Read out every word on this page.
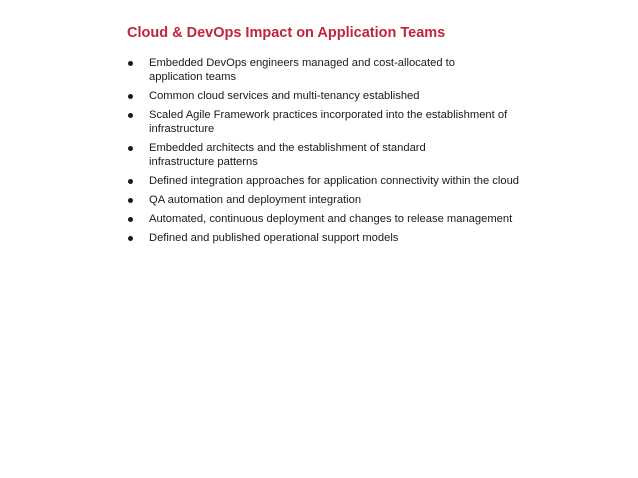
Cloud & DevOps Impact on Application Teams
Embedded DevOps engineers managed and cost-allocated to
application teams
Common cloud services and multi-tenancy established
Scaled Agile Framework practices incorporated into the establishment of
infrastructure
Embedded architects and the establishment of standard
infrastructure patterns
Defined integration approaches for application connectivity within the cloud
QA automation and deployment integration
Automated, continuous deployment and changes to release management
Defined and published operational support models
